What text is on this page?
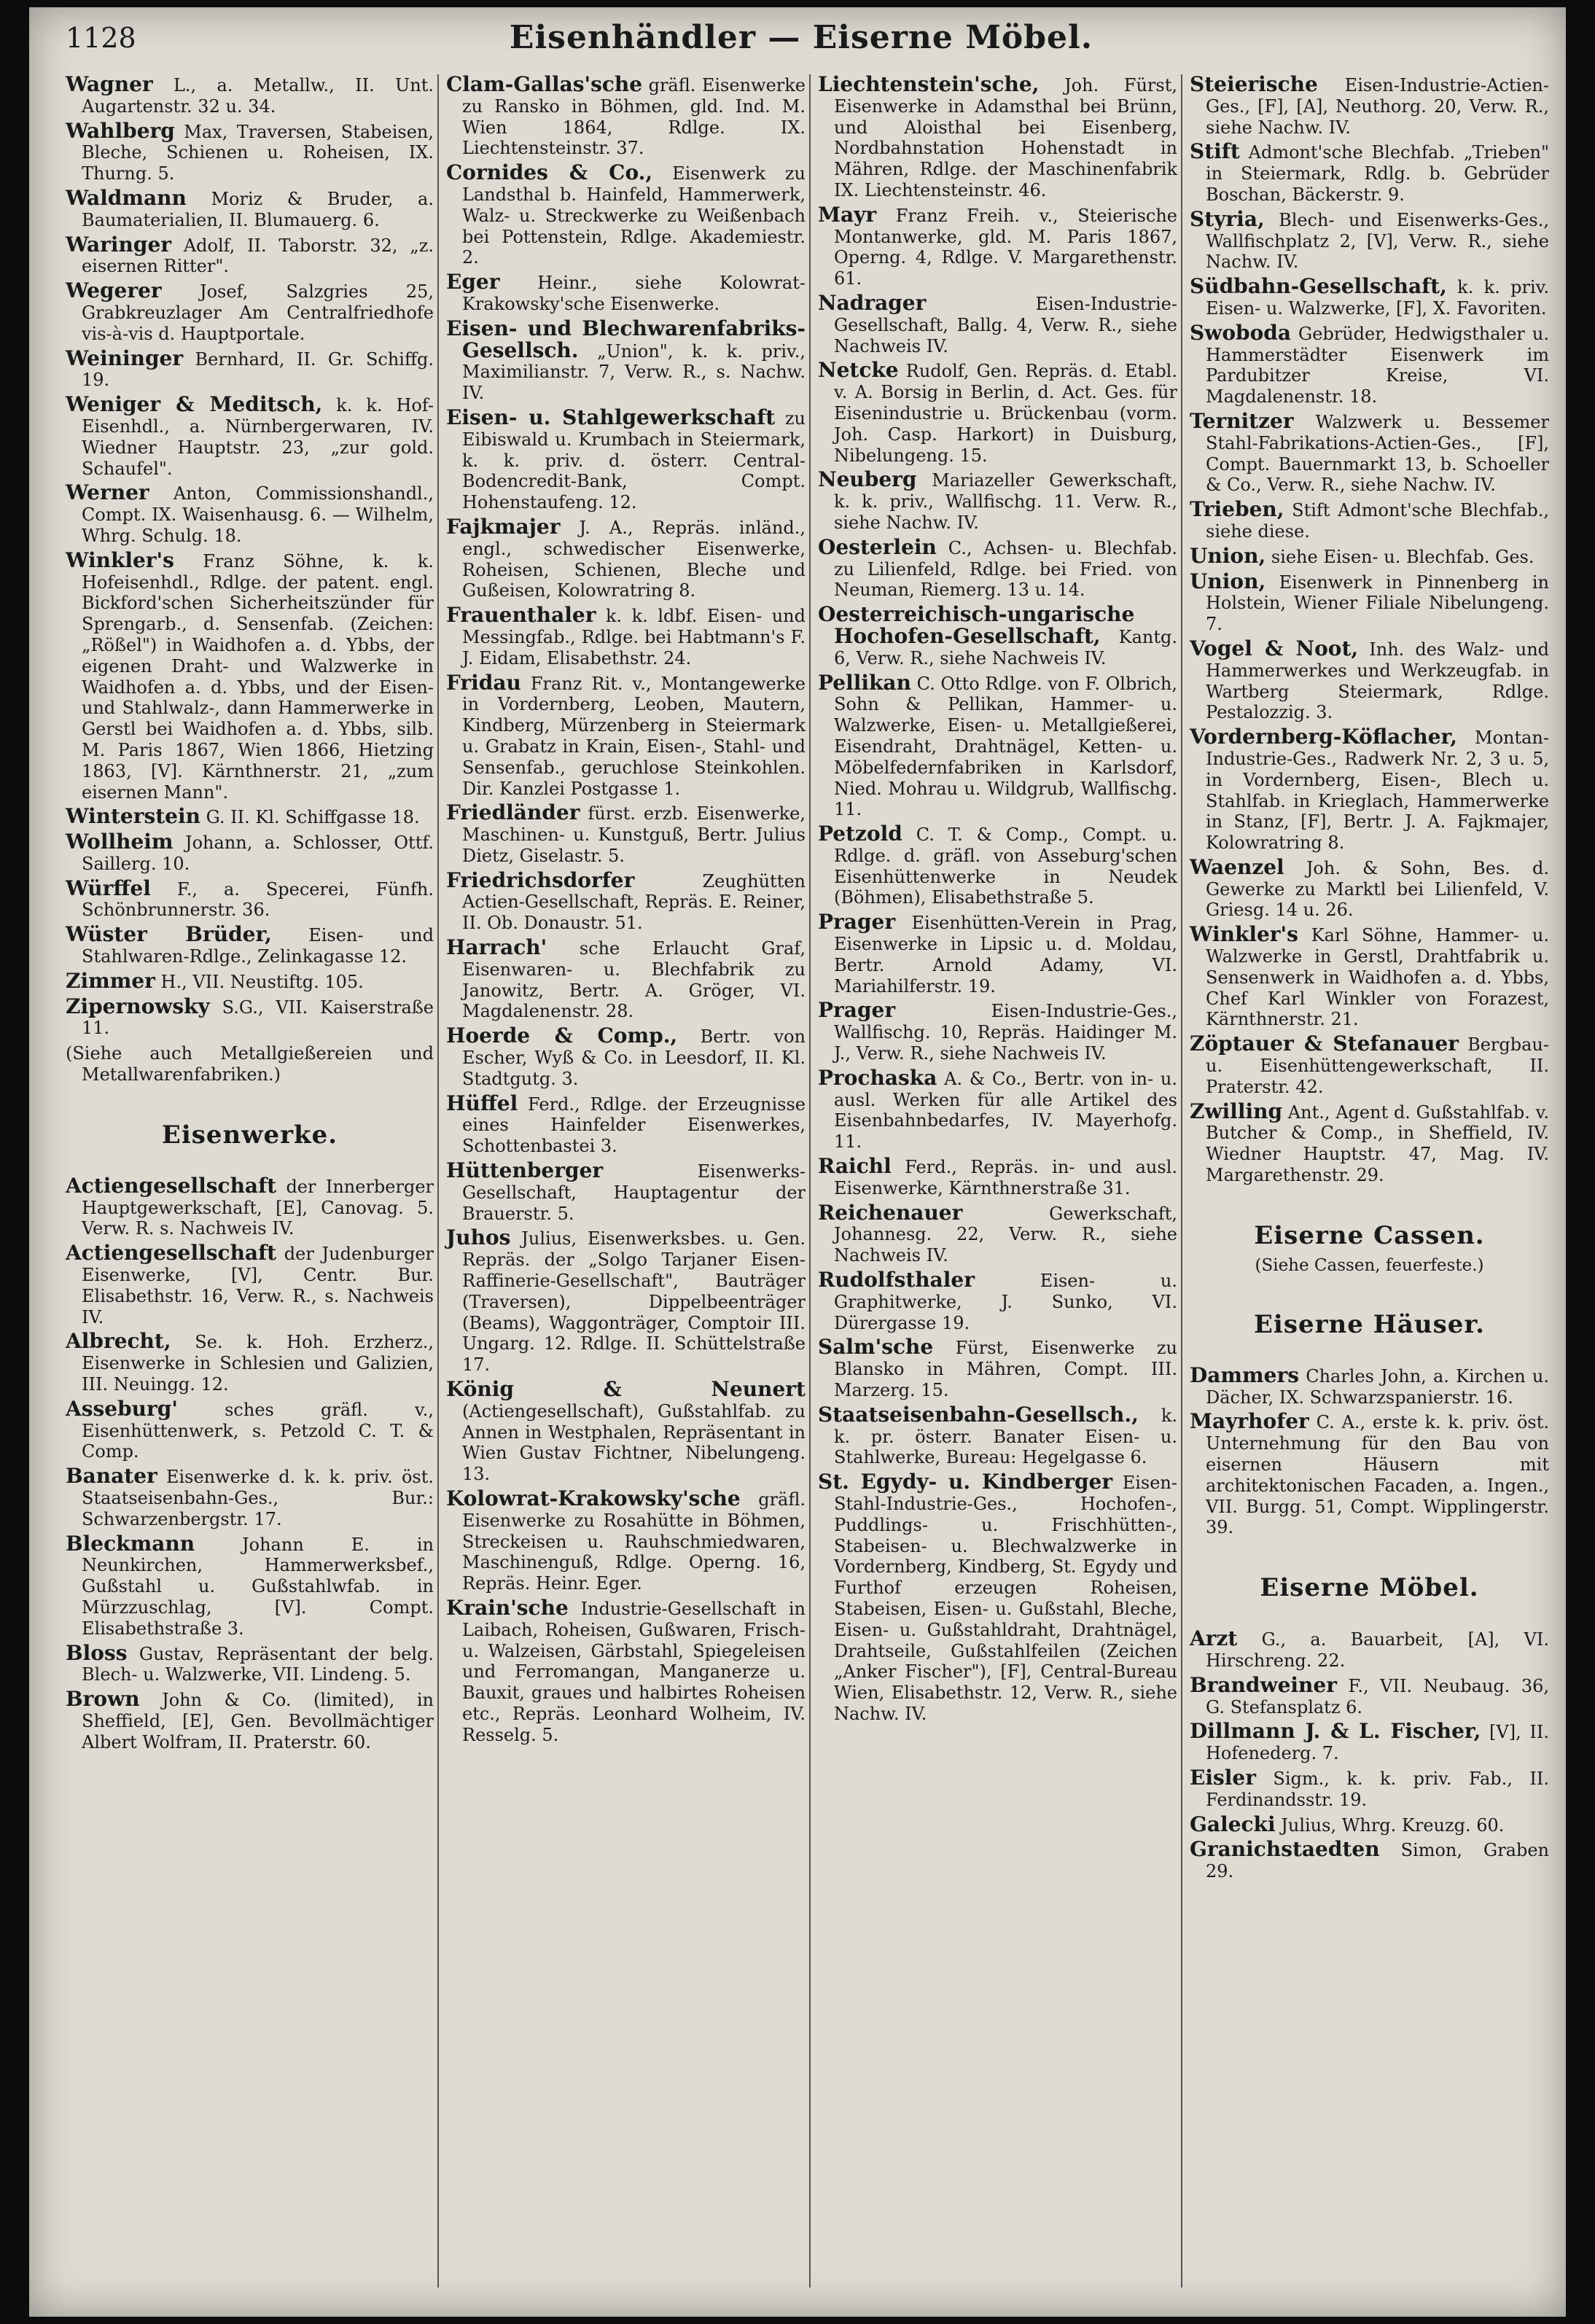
1128	Eisenhändler — Eiserne Möbel.

Wagner L., a. Metallw., II. Unt. Augartenstr. 32 u. 34.

Wahlberg Max, Traversen, Stabeisen, Bleche, Schienen u. Roheisen, IX. Thurng. 5.

Waldmann Moriz & Bruder, a. Baumaterialien, II. Blumauerg. 6.

Waringer Adolf, II. Taborstr. 32, „z. eisernen Ritter".

Wegerer Josef, Salzgries 25, Grabkreuzlager Am Centralfriedhofe vis-à-vis d. Hauptportale.

Weininger Bernhard, II. Gr. Schiffg. 19.

Weniger & Meditsch, k. k. Hof-Eisenhdl., a. Nürnbergerwaren, IV. Wiedner Hauptstr. 23, „zur gold. Schaufel".

Werner Anton, Commissionshandl., Compt. IX. Waisenhausg. 6. — Wilhelm, Whrg. Schulg. 18.

Winkler's Franz Söhne, k. k. Hofeisenhdl., Rdlge. der patent. engl. Bickford'schen Sicherheitszünder für Sprengarb., d. Sensenfab. (Zeichen: „Rößel") in Waidhofen a. d. Ybbs, der eigenen Draht- und Walzwerke in Waidhofen a. d. Ybbs, und der Eisen- und Stahlwalz-, dann Hammerwerke in Gerstl bei Waidhofen a. d. Ybbs, silb. M. Paris 1867, Wien 1866, Hietzing 1863, [V]. Kärnthnerstr. 21, „zum eisernen Mann".

Winterstein G. II. Kl. Schiffgasse 18.

Wollheim Johann, a. Schlosser, Ottf. Saillerg. 10.

Würffel F., a. Specerei, Fünfh. Schönbrunnerstr. 36.

Wüster Brüder, Eisen- und Stahlwaren-Rdlge., Zelinkagasse 12.

Zimmer H., VII. Neustiftg. 105.

Zipernowsky S.G., VII. Kaiserstraße 11.

(Siehe auch Metallgießereien und Metallwarenfabriken.)

Eisenwerke.

Actiengesellschaft der Innerberger Hauptgewerkschaft, [E], Canovag. 5. Verw. R. s. Nachweis IV.

Actiengesellschaft der Judenburger Eisenwerke, [V], Centr. Bur. Elisabethstr. 16, Verw. R., s. Nachweis IV.

Albrecht, Se. k. Hoh. Erzherz., Eisenwerke in Schlesien und Galizien, III. Neuingg. 12.

Asseburg'	sches gräfl. v., Eisenhüttenwerk, s. Petzold C. T. & Comp.

Banater Eisenwerke d. k. k. priv. öst. Staatseisenbahn-Ges., Bur.: Schwarzenbergstr. 17.

Bleckmann	Johann E. in Neunkirchen, Hammerwerksbef., Gußstahl u. Gußstahlwfab. in Mürzzuschlag, [V]. Compt. Elisabethstraße 3.

Bloss Gustav, Repräsentant der belg. Blech- u. Walzwerke, VII. Lindeng. 5.

Brown John & Co. (limited), in Sheffield, [E], Gen. Bevollmächtiger Albert Wolfram, II. Praterstr. 60.

Clam-Gallas'sche gräfl. Eisenwerke zu Ransko in Böhmen, gld. Ind. M. Wien 1864, Rdlge. IX. Liechtensteinstr. 37.

Cornides & Co., Eisenwerk zu Landsthal b. Hainfeld, Hammerwerk, Walz- u. Streckwerke zu Weißenbach bei Pottenstein, Rdlge. Akademiestr. 2.

Eger Heinr., siehe Kolowrat-Krakowsky'sche Eisenwerke.

Eisen- und Blechwarenfabriks-Gesellsch. „Union", k. k. priv., Maximilianstr. 7, Verw. R., s. Nachw. IV.

Eisen- u. Stahlgewerkschaft zu Eibiswald u. Krumbach in Steiermark, k. k. priv. d. österr. Central-Bodencredit-Bank, Compt. Hohenstaufeng. 12.

Fajkmajer J. A., Repräs. inländ., engl., schwedischer Eisenwerke, Roheisen, Schienen, Bleche und Gußeisen, Kolowratring 8.

Frauenthaler k. k. ldbf. Eisen- und Messingfab., Rdlge. bei Habtmann's F. J. Eidam, Elisabethstr. 24.

Fridau Franz Rit. v., Montangewerke in Vordernberg, Leoben, Mautern, Kindberg, Mürzenberg in Steiermark u. Grabatz in Krain, Eisen-, Stahl- und Sensenfab., geruchlose Steinkohlen. Dir. Kanzlei Postgasse 1.

Friedländer fürst. erzb. Eisenwerke, Maschinen- u. Kunstguß, Bertr. Julius Dietz, Giselastr. 5.

Friedrichsdorfer	Zeughütten Actien-Gesellschaft, Repräs. E. Reiner, II. Ob. Donaustr. 51.

Harrach' sche Erlaucht Graf, Eisenwaren- u. Blechfabrik zu Janowitz, Bertr. A. Gröger, VI. Magdalenenstr. 28.

Hoerde & Comp., Bertr. von Escher, Wyß & Co. in Leesdorf, II. Kl. Stadtgutg. 3.

Hüffel Ferd., Rdlge. der Erzeugnisse eines Hainfelder Eisenwerkes, Schottenbastei 3.

Hüttenberger	Eisenwerks-Gesellschaft, Hauptagentur der Brauerstr. 5.

Juhos Julius, Eisenwerksbes. u. Gen. Repräs. der „Solgo Tarjaner Eisen-Raffinerie-Gesellschaft", Bauträger (Traversen), Dippelbeenträger (Beams), Waggonträger, Comptoir III. Ungarg. 12. Rdlge. II. Schüttelstraße 17.

König & Neunert (Actiengesellschaft), Gußstahlfab. zu Annen in Westphalen, Repräsentant in Wien Gustav Fichtner, Nibelungeng. 13.

Kolowrat-Krakowsky'sche gräfl. Eisenwerke zu Rosahütte in Böhmen, Streckeisen u. Rauhschmiedwaren, Maschinenguß, Rdlge. Operng. 16, Repräs. Heinr. Eger.

Krain'sche Industrie-Gesellschaft in Laibach, Roheisen, Gußwaren, Frisch- u. Walzeisen, Gärbstahl, Spiegeleisen und Ferromangan, Manganerze u. Bauxit, graues und halbirtes Roheisen etc., Repräs. Leonhard Wolheim, IV. Resselg. 5.

Liechtenstein'sche, Joh. Fürst, Eisenwerke in Adamsthal bei Brünn, und Aloisthal bei Eisenberg, Nordbahnstation Hohenstadt in Mähren, Rdlge. der Maschinenfabrik IX. Liechtensteinstr. 46.

Mayr Franz Freih. v., Steierische Montanwerke, gld. M. Paris 1867, Operng. 4, Rdlge. V. Margarethenstr. 61.

Nadrager	Eisen-Industrie-Gesellschaft, Ballg. 4, Verw. R., siehe Nachweis IV.

Netcke Rudolf, Gen. Repräs. d. Etabl. v. A. Borsig in Berlin, d. Act. Ges. für Eisenindustrie u. Brückenbau (vorm. Joh. Casp. Harkort) in Duisburg, Nibelungeng. 15.

Neuberg Mariazeller Gewerkschaft, k. k. priv., Wallfischg. 11. Verw. R., siehe Nachw. IV.

Oesterlein C., Achsen- u. Blechfab. zu Lilienfeld, Rdlge. bei Fried. von Neuman, Riemerg. 13 u. 14.

Oesterreichisch-ungarische Hochofen-Gesellschaft, Kantg. 6, Verw. R., siehe Nachweis IV.

Pellikan C. Otto Rdlge. von F. Olbrich, Sohn & Pellikan, Hammer- u. Walzwerke, Eisen- u. Metallgießerei, Eisendraht, Drahtnägel, Ketten- u. Möbelfedernfabriken in Karlsdorf, Nied. Mohrau u. Wildgrub, Wallfischg. 11.

Petzold C. T. & Comp., Compt. u. Rdlge. d. gräfl. von Asseburg'schen Eisenhüttenwerke in Neudek (Böhmen), Elisabethstraße 5.

Prager Eisenhütten-Verein in Prag, Eisenwerke in Lipsic u. d. Moldau, Bertr. Arnold Adamy, VI. Mariahilferstr. 19.

Prager	Eisen-Industrie-Ges., Wallfischg. 10, Repräs. Haidinger M. J., Verw. R., siehe Nachweis IV.

Prochaska A. & Co., Bertr. von in- u. ausl. Werken für alle Artikel des Eisenbahnbedarfes, IV. Mayerhofg. 11.

Raichl Ferd., Repräs. in- und ausl. Eisenwerke, Kärnthnerstraße 31.

Reichenauer	Gewerkschaft, Johannesg. 22, Verw. R., siehe Nachweis IV.

Rudolfsthaler	Eisen- u. Graphitwerke, J. Sunko, VI. Dürergasse 19.

Salm'sche Fürst, Eisenwerke zu Blansko in Mähren, Compt. III. Marzerg. 15.

Staatseisenbahn-Gesellsch., k. k. pr. österr. Banater Eisen- u. Stahlwerke, Bureau: Hegelgasse 6.

St. Egydy- u. Kindberger Eisen-Stahl-Industrie-Ges., Hochofen-, Puddlings- u. Frischhütten-, Stabeisen- u. Blechwalzwerke in Vordernberg, Kindberg, St. Egydy und Furthof erzeugen Roheisen, Stabeisen, Eisen- u. Gußstahl, Bleche, Eisen- u. Gußstahldraht, Drahtnägel, Drahtseile, Gußstahlfeilen (Zeichen „Anker Fischer"), [F], Central-Bureau Wien, Elisabethstr. 12, Verw. R., siehe Nachw. IV.

Steierische Eisen-Industrie-Actien-Ges., [F], [A], Neuthorg. 20, Verw. R., siehe Nachw. IV.

Stift Admont'sche Blechfab. „Trieben" in Steiermark, Rdlg. b. Gebrüder Boschan, Bäckerstr. 9.

Styria, Blech- und Eisenwerks-Ges., Wallfischplatz 2, [V], Verw. R., siehe Nachw. IV.

Südbahn-Gesellschaft, k. k. priv. Eisen- u. Walzwerke, [F], X. Favoriten.

Swoboda Gebrüder, Hedwigsthaler u. Hammerstädter Eisenwerk im Pardubitzer Kreise, VI. Magdalenenstr. 18.

Ternitzer Walzwerk u. Bessemer Stahl-Fabrikations-Actien-Ges., [F], Compt. Bauernmarkt 13, b. Schoeller & Co., Verw. R., siehe Nachw. IV.

Trieben, Stift Admont'sche Blechfab., siehe diese.

Union, siehe Eisen- u. Blechfab. Ges.

Union, Eisenwerk in Pinnenberg in Holstein, Wiener Filiale Nibelungeng. 7.

Vogel & Noot, Inh. des Walz- und Hammerwerkes und Werkzeugfab. in Wartberg Steiermark, Rdlge. Pestalozzig. 3.

Vordernberg-Köflacher, Montan-Industrie-Ges., Radwerk Nr. 2, 3 u. 5, in Vordernberg, Eisen-, Blech u. Stahlfab. in Krieglach, Hammerwerke in Stanz, [F], Bertr. J. A. Fajkmajer, Kolowratring 8.

Waenzel Joh. & Sohn, Bes. d. Gewerke zu Marktl bei Lilienfeld, V. Griesg. 14 u. 26.

Winkler's Karl Söhne, Hammer- u. Walzwerke in Gerstl, Drahtfabrik u. Sensenwerk in Waidhofen a. d. Ybbs, Chef Karl Winkler von Forazest, Kärnthnerstr. 21.

Zöptauer & Stefanauer Bergbau- u. Eisenhüttengewerkschaft, II. Praterstr. 42.

Zwilling Ant., Agent d. Gußstahlfab. v. Butcher & Comp., in Sheffield, IV. Wiedner Hauptstr. 47, Mag. IV. Margarethenstr. 29.

Eiserne Cassen.
(Siehe Cassen, feuerfeste.)
Eiserne Häuser.

Dammers Charles John, a. Kirchen u. Dächer, IX. Schwarzspanierstr. 16.

Mayrhofer C. A., erste k. k. priv. öst. Unternehmung für den Bau von eisernen Häusern mit architektonischen Facaden, a. Ingen., VII. Burgg. 51, Compt. Wipplingerstr. 39.

Eiserne Möbel.

Arzt G., a. Bauarbeit, [A], VI. Hirschreng. 22.

Brandweiner F., VII. Neubaug. 36, G. Stefansplatz 6.

Dillmann J. & L. Fischer, [V], II. Hofenederg. 7.

Eisler Sigm., k. k. priv. Fab., II. Ferdinandsstr. 19.

Galecki Julius, Whrg. Kreuzg. 60.

Granichstaedten Simon, Graben 29.
